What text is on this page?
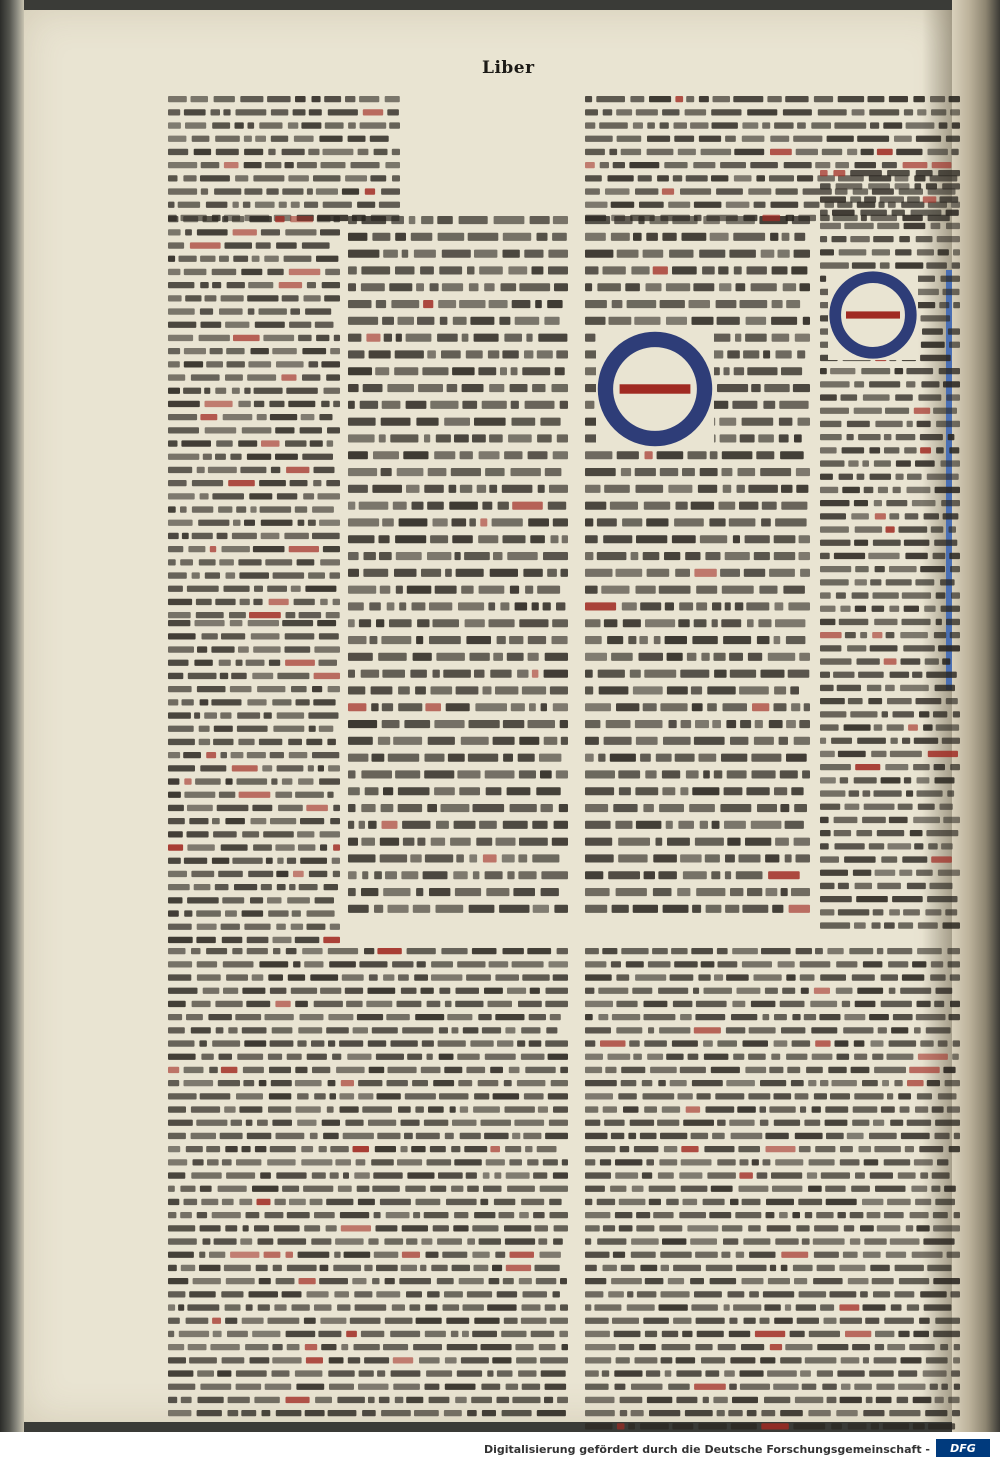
Liber
Digitalisierung gefördert durch die Deutsche Forschungsgemeinschaft -	DFG
